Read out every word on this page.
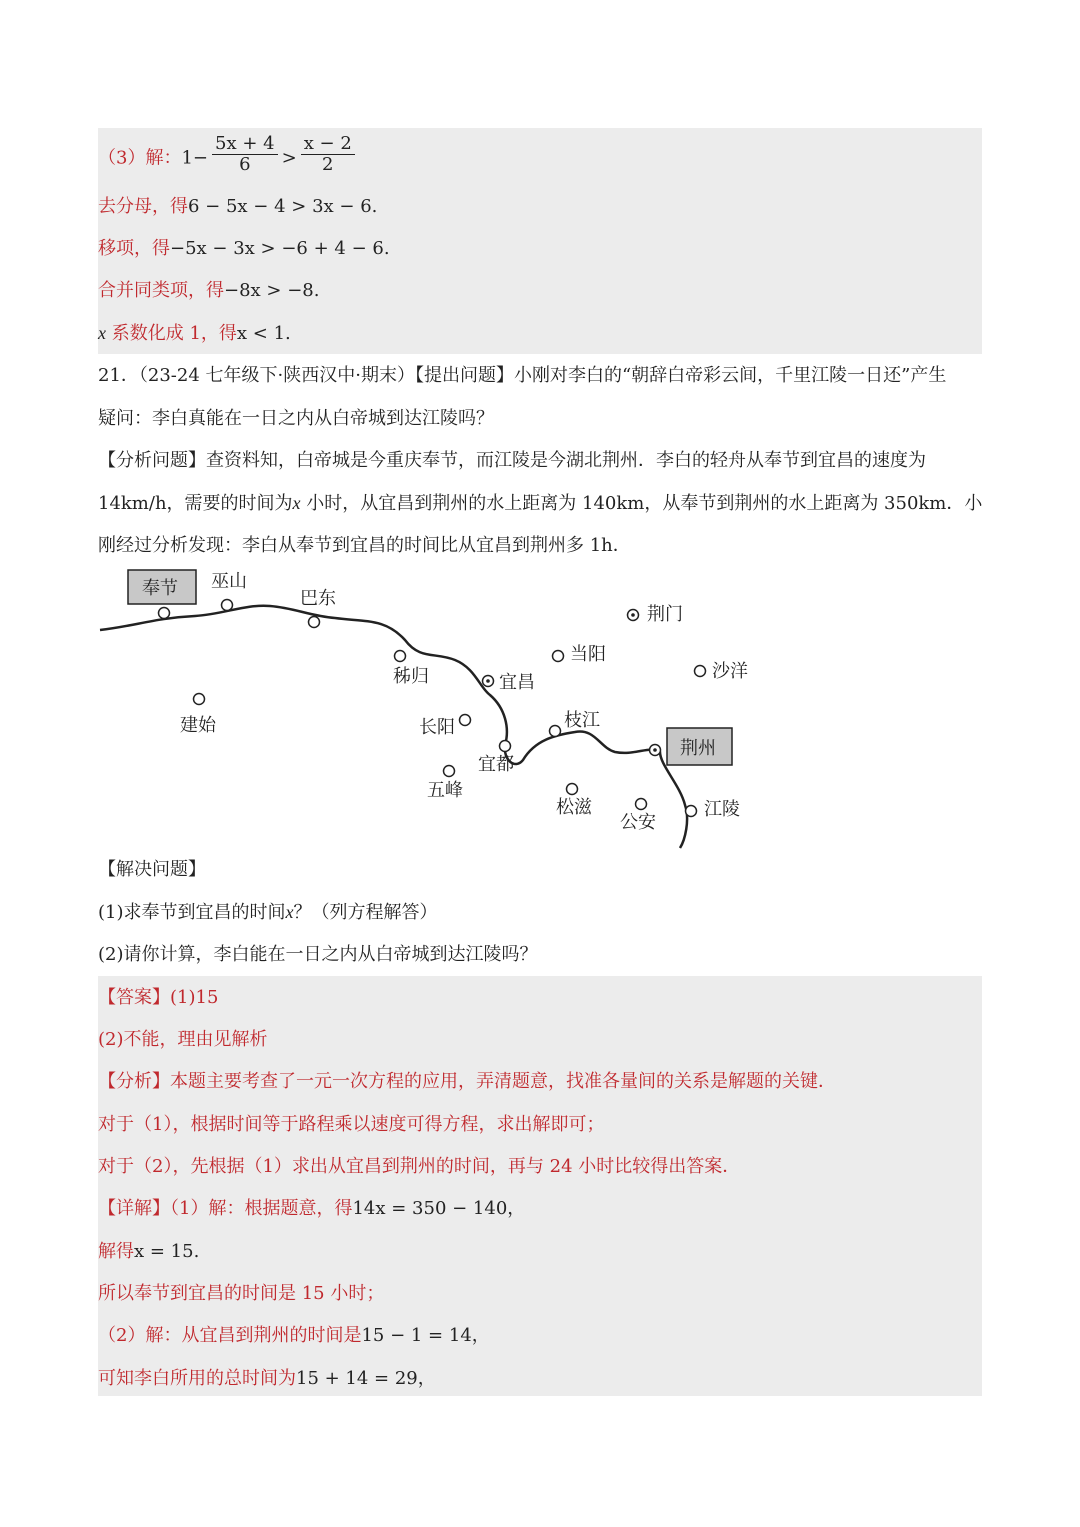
（3）解：$1- \frac{5x + 4}{6} > \frac{x - 2}{2}$
去分母，得6 − 5x − 4 > 3x − 6.
移项，得−5x − 3x > −6 + 4 − 6.
合并同类项，得−8x > −8.
x 系数化成 1，得x < 1.
21．（23-24 七年级下·陕西汉中·期末）【提出问题】小刚对李白的“朝辞白帝彩云间，千里江陵一日还”产生
疑问：李白真能在一日之内从白帝城到达江陵吗？
【分析问题】查资料知，白帝城是今重庆奉节，而江陵是今湖北荆州．李白的轻舟从奉节到宜昌的速度为
14km/h，需要的时间为x 小时，从宜昌到荆州的水上距离为 140km，从奉节到荆州的水上距离为 350km．小
刚经过分析发现：李白从奉节到宜昌的时间比从宜昌到荆州多 1h．
奉节 巫山
巴东
秭归	宜昌
当阳
荆门
沙洋
建始	长阳	枝江
荆州
宜都
五峰
松滋
公安
江陵
【解决问题】
(1)求奉节到宜昌的时间x？（列方程解答）
(2)请你计算，李白能在一日之内从白帝城到达江陵吗？
【答案】(1)15
(2)不能，理由见解析
【分析】本题主要考查了一元一次方程的应用，弄清题意，找准各量间的关系是解题的关键．
对于（1），根据时间等于路程乘以速度可得方程，求出解即可；
对于（2），先根据（1）求出从宜昌到荆州的时间，再与 24 小时比较得出答案．
【详解】（1）解：根据题意，得14x = 350 − 140，
解得x = 15.
所以奉节到宜昌的时间是 15 小时；
（2）解：从宜昌到荆州的时间是15 − 1 = 14，
可知李白所用的总时间为15 + 14 = 29，
